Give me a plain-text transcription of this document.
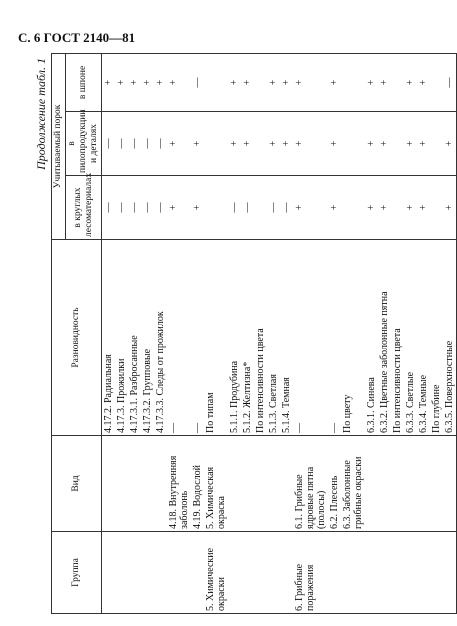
С. 6 ГОСТ 2140—81
Продолжение табл. 1
Группа	Вид	Разновидность	Учитываемый порок		
			в круглых лесоматериалах	в пилопродукции и деталях	в шпоне
		4.17.2. Радиальная	—	—	+
		4.17.3. Прожилки	—	—	+
		4.17.3.1. Разбросанные	—	—	+
		4.17.3.2. Групповые	—	—	+
		4.17.3.3. Следы от прожилок	—	—	+
	4.18. Внутренняя заболонь	—	+	+	+
	4.19. Водослой	—	+	+	—
5. Химические окраски	5. Химическая окраска	По типам			
		5.1.1. Продубина	—	+	+
		5.1.2. Желтизна*	—	+	+
		По интенсивности цвета			
		5.1.3. Светлая	—	+	+
		5.1.4. Темная	—	+	+
6. Грибные поражения	6.1. Грибные ядровые пятна (полосы)	—	+	+	+
	6.2. Плесень	—	+	+	+
	6.3. Заболонные грибные окраски	По цвету			
		6.3.1. Синева	+	+	+
		6.3.2. Цветные заболонные пятна	+	+	+
		По интенсивности цвета			
		6.3.3. Светлые	+	+	+
		6.3.4. Темные	+	+	+
		По глубине			
		6.3.5. Поверхностные	+	+	—
